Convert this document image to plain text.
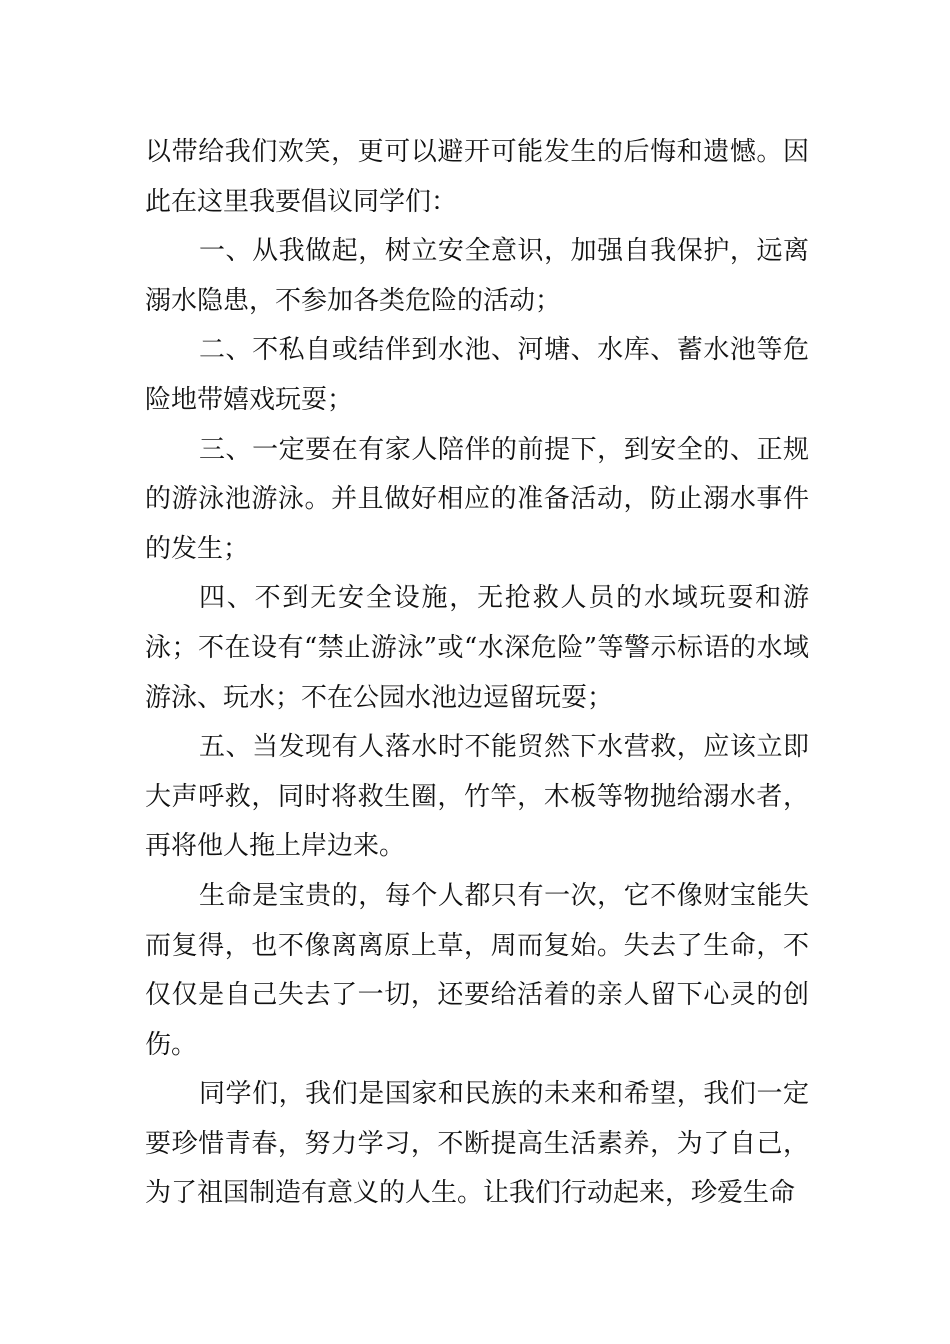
以带给我们欢笑，更可以避开可能发生的后悔和遗憾。因此在这里我要倡议同学们：

一、从我做起，树立安全意识，加强自我保护，远离溺水隐患，不参加各类危险的活动；

二、不私自或结伴到水池、河塘、水库、蓄水池等危险地带嬉戏玩耍；

三、一定要在有家人陪伴的前提下，到安全的、正规的游泳池游泳。并且做好相应的准备活动，防止溺水事件的发生；

四、不到无安全设施，无抢救人员的水域玩耍和游泳；不在设有“禁止游泳”或“水深危险”等警示标语的水域游泳、玩水；不在公园水池边逗留玩耍；

五、当发现有人落水时不能贸然下水营救，应该立即大声呼救，同时将救生圈，竹竿，木板等物抛给溺水者，再将他人拖上岸边来。

生命是宝贵的，每个人都只有一次，它不像财宝能失而复得，也不像离离原上草，周而复始。失去了生命，不仅仅是自己失去了一切，还要给活着的亲人留下心灵的创伤。

同学们，我们是国家和民族的未来和希望，我们一定要珍惜青春，努力学习，不断提高生活素养，为了自己，为了祖国制造有意义的人生。让我们行动起来，珍爱生命
